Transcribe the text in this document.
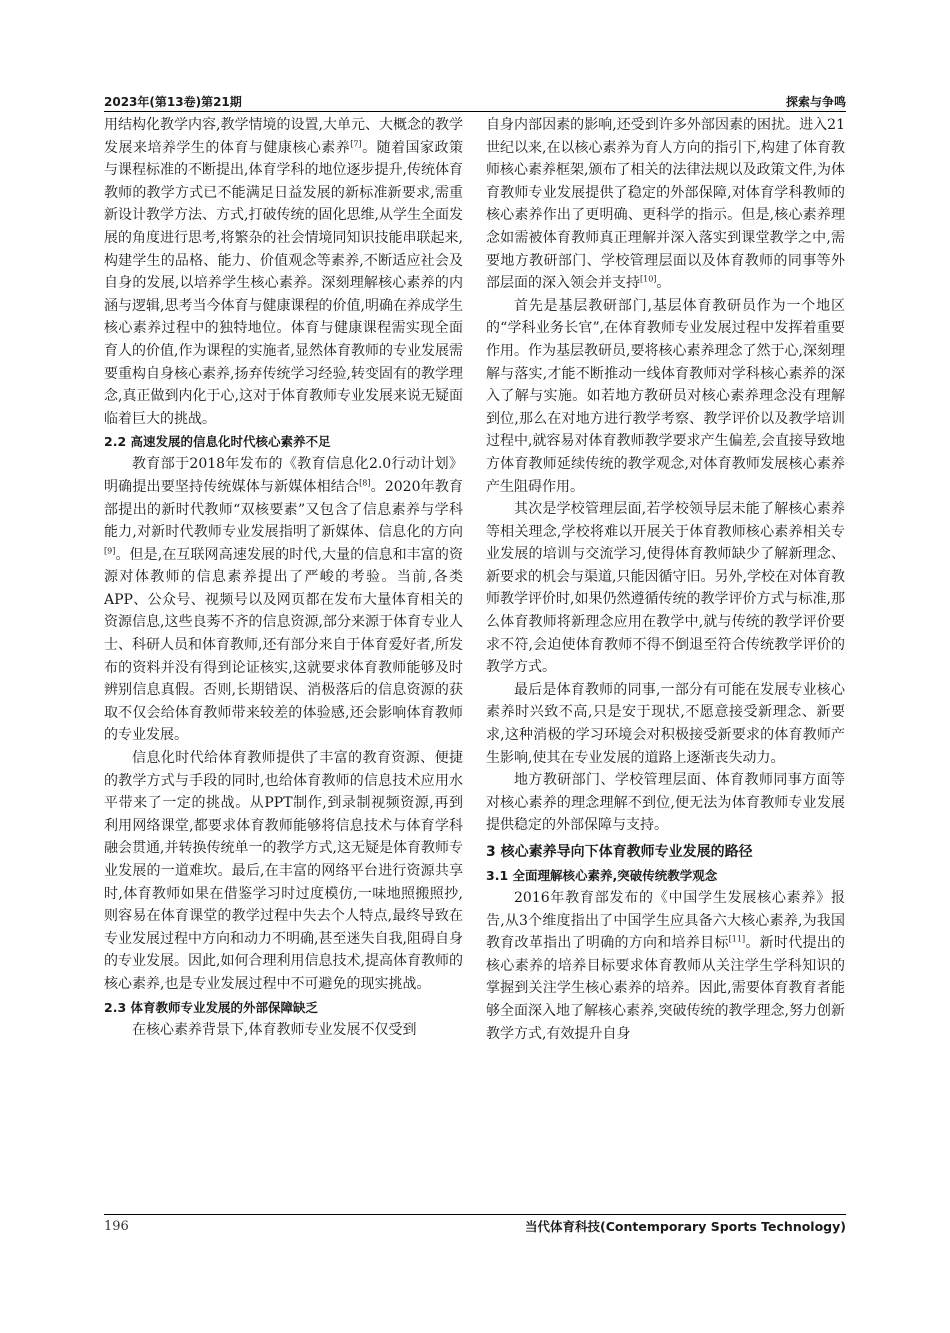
2023年(第13卷)第21期	探索与争鸣

用结构化教学内容,教学情境的设置,大单元、大概念的教学发展来培养学生的体育与健康核心素养[7]。随着国家政策与课程标准的不断提出,体育学科的地位逐步提升,传统体育教师的教学方式已不能满足日益发展的新标准新要求,需重新设计教学方法、方式,打破传统的固化思维,从学生全面发展的角度进行思考,将繁杂的社会情境同知识技能串联起来,构建学生的品格、能力、价值观念等素养,不断适应社会及自身的发展,以培养学生核心素养。深刻理解核心素养的内涵与逻辑,思考当今体育与健康课程的价值,明确在养成学生核心素养过程中的独特地位。体育与健康课程需实现全面育人的价值,作为课程的实施者,显然体育教师的专业发展需要重构自身核心素养,扬弃传统学习经验,转变固有的教学理念,真正做到内化于心,这对于体育教师专业发展来说无疑面临着巨大的挑战。

2.2 高速发展的信息化时代核心素养不足

教育部于2018年发布的《教育信息化2.0行动计划》明确提出要坚持传统媒体与新媒体相结合[8]。2020年教育部提出的新时代教师“双核要素”又包含了信息素养与学科能力,对新时代教师专业发展指明了新媒体、信息化的方向[9]。但是,在互联网高速发展的时代,大量的信息和丰富的资源对体教师的信息素养提出了严峻的考验。当前,各类APP、公众号、视频号以及网页都在发布大量体育相关的资源信息,这些良莠不齐的信息资源,部分来源于体育专业人士、科研人员和体育教师,还有部分来自于体育爱好者,所发布的资料并没有得到论证核实,这就要求体育教师能够及时辨别信息真假。否则,长期错误、消极落后的信息资源的获取不仅会给体育教师带来较差的体验感,还会影响体育教师的专业发展。

信息化时代给体育教师提供了丰富的教育资源、便捷的教学方式与手段的同时,也给体育教师的信息技术应用水平带来了一定的挑战。从PPT制作,到录制视频资源,再到利用网络课堂,都要求体育教师能够将信息技术与体育学科融会贯通,并转换传统单一的教学方式,这无疑是体育教师专业发展的一道难坎。最后,在丰富的网络平台进行资源共享时,体育教师如果在借鉴学习时过度模仿,一味地照搬照抄,则容易在体育课堂的教学过程中失去个人特点,最终导致在专业发展过程中方向和动力不明确,甚至迷失自我,阻碍自身的专业发展。因此,如何合理利用信息技术,提高体育教师的核心素养,也是专业发展过程中不可避免的现实挑战。

2.3 体育教师专业发展的外部保障缺乏

在核心素养背景下,体育教师专业发展不仅受到

自身内部因素的影响,还受到许多外部因素的困扰。进入21世纪以来,在以核心素养为育人方向的指引下,构建了体育教师核心素养框架,颁布了相关的法律法规以及政策文件,为体育教师专业发展提供了稳定的外部保障,对体育学科教师的核心素养作出了更明确、更科学的指示。但是,核心素养理念如需被体育教师真正理解并深入落实到课堂教学之中,需要地方教研部门、学校管理层面以及体育教师的同事等外部层面的深入领会并支持[10]。

首先是基层教研部门,基层体育教研员作为一个地区的“学科业务长官”,在体育教师专业发展过程中发挥着重要作用。作为基层教研员,要将核心素养理念了然于心,深刻理解与落实,才能不断推动一线体育教师对学科核心素养的深入了解与实施。如若地方教研员对核心素养理念没有理解到位,那么在对地方进行教学考察、教学评价以及教学培训过程中,就容易对体育教师教学要求产生偏差,会直接导致地方体育教师延续传统的教学观念,对体育教师发展核心素养产生阻碍作用。

其次是学校管理层面,若学校领导层未能了解核心素养等相关理念,学校将难以开展关于体育教师核心素养相关专业发展的培训与交流学习,使得体育教师缺少了解新理念、新要求的机会与渠道,只能因循守旧。另外,学校在对体育教师教学评价时,如果仍然遵循传统的教学评价方式与标准,那么体育教师将新理念应用在教学中,就与传统的教学评价要求不符,会迫使体育教师不得不倒退至符合传统教学评价的教学方式。

最后是体育教师的同事,一部分有可能在发展专业核心素养时兴致不高,只是安于现状,不愿意接受新理念、新要求,这种消极的学习环境会对积极接受新要求的体育教师产生影响,使其在专业发展的道路上逐渐丧失动力。

地方教研部门、学校管理层面、体育教师同事方面等对核心素养的理念理解不到位,便无法为体育教师专业发展提供稳定的外部保障与支持。

3 核心素养导向下体育教师专业发展的路径
3.1 全面理解核心素养,突破传统教学观念

2016年教育部发布的《中国学生发展核心素养》报告,从3个维度指出了中国学生应具备六大核心素养,为我国教育改革指出了明确的方向和培养目标[11]。新时代提出的核心素养的培养目标要求体育教师从关注学生学科知识的掌握到关注学生核心素养的培养。因此,需要体育教育者能够全面深入地了解核心素养,突破传统的教学理念,努力创新教学方式,有效提升自身

196	当代体育科技(Contemporary Sports Technology)
